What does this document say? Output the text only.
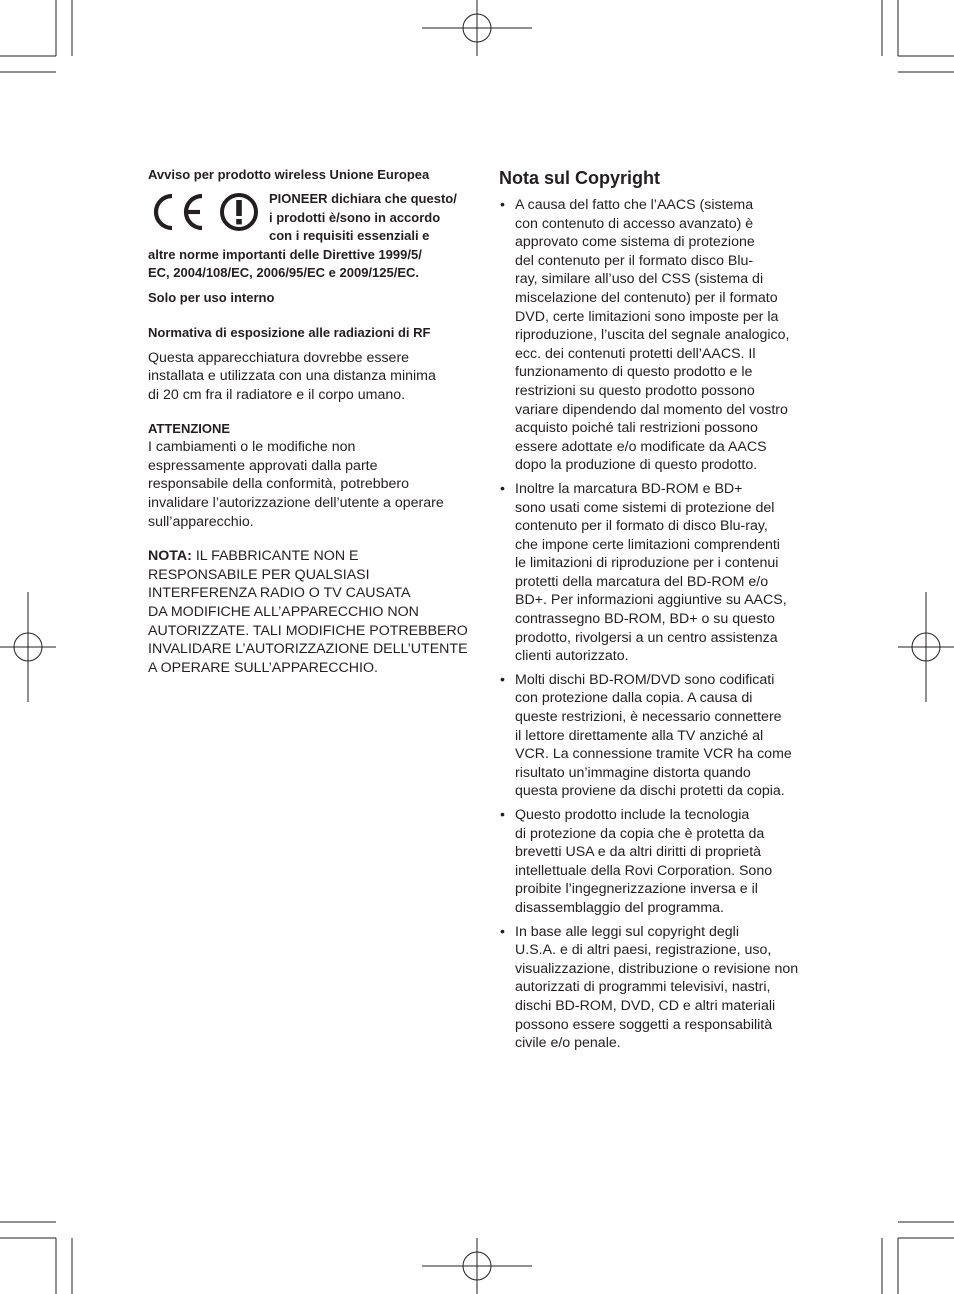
Avviso per prodotto wireless Unione Europea
PIONEER dichiara che questo/
i prodotti è/sono in accordo
con i requisiti essenziali e
altre norme importanti delle Direttive 1999/5/
EC, 2004/108/EC, 2006/95/EC e 2009/125/EC.
Solo per uso interno
Normativa di esposizione alle radiazioni di RF
Questa apparecchiatura dovrebbe essere
installata e utilizzata con una distanza minima
di 20 cm fra il radiatore e il corpo umano.
ATTENZIONE
I cambiamenti o le modifiche non
espressamente approvati dalla parte
responsabile della conformità, potrebbero
invalidare l’autorizzazione dell’utente a operare
sull’apparecchio.
NOTA: IL FABBRICANTE NON E
RESPONSABILE PER QUALSIASI
INTERFERENZA RADIO O TV CAUSATA
DA MODIFICHE ALL’APPARECCHIO NON
AUTORIZZATE. TALI MODIFICHE POTREBBERO
INVALIDARE L’AUTORIZZAZIONE DELL’UTENTE
A OPERARE SULL’APPARECCHIO.
Nota sul Copyright
• A causa del fatto che l’AACS (sistema
con contenuto di accesso avanzato) è
approvato come sistema di protezione
del contenuto per il formato disco Blu-
ray, similare all’uso del CSS (sistema di
miscelazione del contenuto) per il formato
DVD, certe limitazioni sono imposte per la
riproduzione, l’uscita del segnale analogico,
ecc. dei contenuti protetti dell’AACS. Il
funzionamento di questo prodotto e le
restrizioni su questo prodotto possono
variare dipendendo dal momento del vostro
acquisto poiché tali restrizioni possono
essere adottate e/o modificate da AACS
dopo la produzione di questo prodotto.
• Inoltre la marcatura BD-ROM e BD+
sono usati come sistemi di protezione del
contenuto per il formato di disco Blu-ray,
che impone certe limitazioni comprendenti
le limitazioni di riproduzione per i contenui
protetti della marcatura del BD-ROM e/o
BD+. Per informazioni aggiuntive su AACS,
contrassegno BD-ROM, BD+ o su questo
prodotto, rivolgersi a un centro assistenza
clienti autorizzato.
• Molti dischi BD-ROM/DVD sono codificati
con protezione dalla copia. A causa di
queste restrizioni, è necessario connettere
il lettore direttamente alla TV anziché al
VCR. La connessione tramite VCR ha come
risultato un’immagine distorta quando
questa proviene da dischi protetti da copia.
• Questo prodotto include la tecnologia
di protezione da copia che è protetta da
brevetti USA e da altri diritti di proprietà
intellettuale della Rovi Corporation. Sono
proibite l’ingegnerizzazione inversa e il
disassemblaggio del programma.
• In base alle leggi sul copyright degli
U.S.A. e di altri paesi, registrazione, uso,
visualizzazione, distribuzione o revisione non
autorizzati di programmi televisivi, nastri,
dischi BD-ROM, DVD, CD e altri materiali
possono essere soggetti a responsabilità
civile e/o penale.
